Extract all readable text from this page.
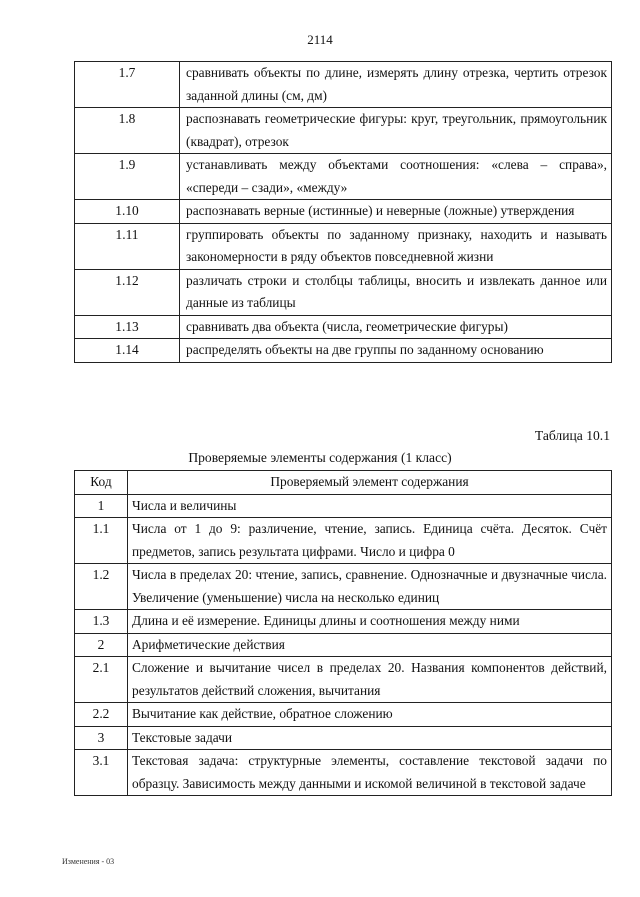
2114
1.7	сравнивать объекты по длине, измерять длину отрезка, чертить отрезок заданной длины (см, дм)
1.8	распознавать геометрические фигуры: круг, треугольник, прямоугольник (квадрат), отрезок
1.9	устанавливать между объектами соотношения: «слева – справа», «спереди – сзади», «между»
1.10	распознавать верные (истинные) и неверные (ложные) утверждения
1.11	группировать объекты по заданному признаку, находить и называть закономерности в ряду объектов повседневной жизни
1.12	различать строки и столбцы таблицы, вносить и извлекать данное или данные из таблицы
1.13	сравнивать два объекта (числа, геометрические фигуры)
1.14	распределять объекты на две группы по заданному основанию
Таблица 10.1
Проверяемые элементы содержания (1 класс)
Код	Проверяемый элемент содержания
1	Числа и величины
1.1	Числа от 1 до 9: различение, чтение, запись. Единица счёта. Десяток. Счёт предметов, запись результата цифрами. Число и цифра 0
1.2	Числа в пределах 20: чтение, запись, сравнение. Однозначные и двузначные числа. Увеличение (уменьшение) числа на несколько единиц
1.3	Длина и её измерение. Единицы длины и соотношения между ними
2	Арифметические действия
2.1	Сложение и вычитание чисел в пределах 20. Названия компонентов действий, результатов действий сложения, вычитания
2.2	Вычитание как действие, обратное сложению
3	Текстовые задачи
3.1	Текстовая задача: структурные элементы, составление текстовой задачи по образцу. Зависимость между данными и искомой величиной в текстовой задаче
Изменения - 03
